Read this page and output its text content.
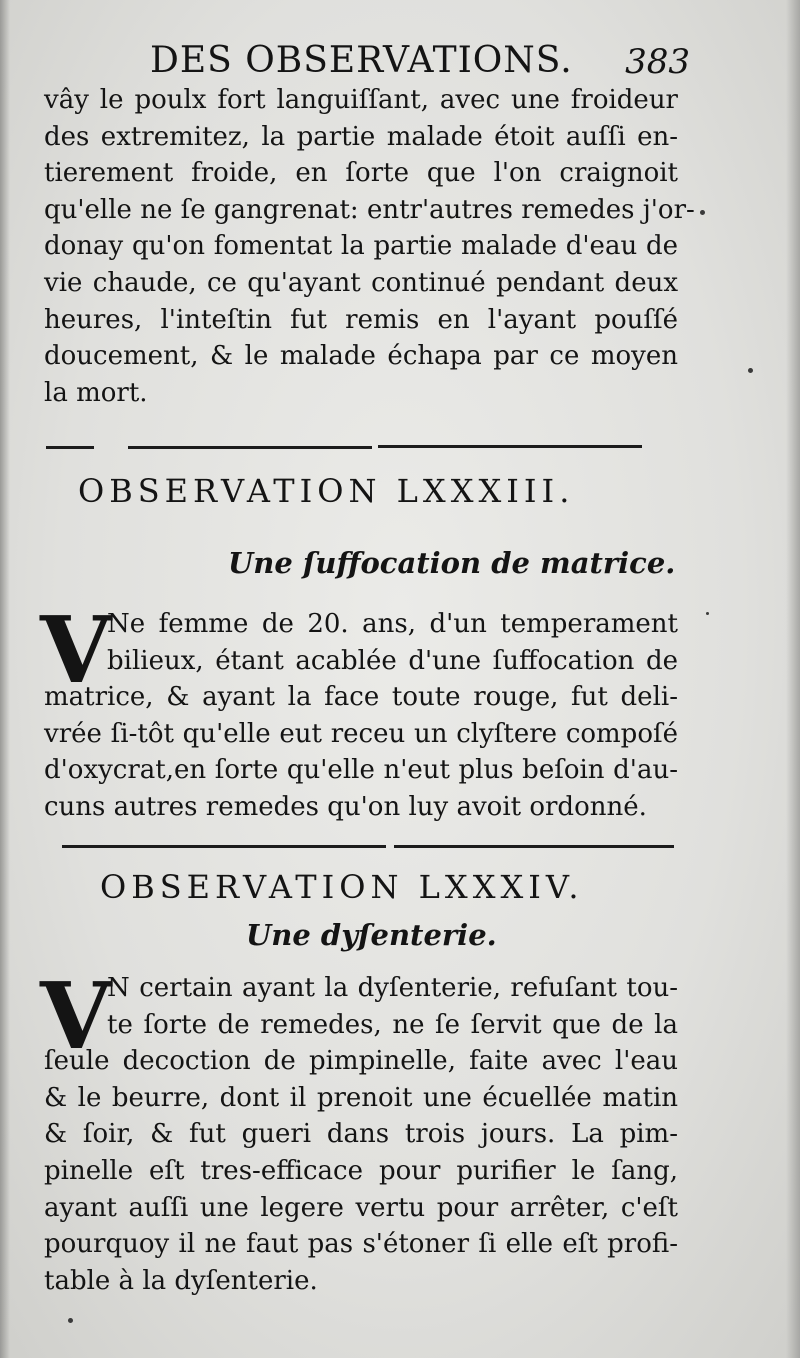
DES OBSERVATIONS. 383
vây le poulx fort languiſſant, avec une froideur
des extremitez, la partie malade étoit auſſi en-
tierement froide, en ſorte que l'on craignoit
qu'elle ne ſe gangrenat: entr'autres remedes j'or-
donay qu'on fomentat la partie malade d'eau de
vie chaude, ce qu'ayant continué pendant deux
heures, l'inteſtin fut remis en l'ayant pouſſé
doucement, & le malade échapa par ce moyen
la mort.
OBSERVATION LXXXIII.
Une ſuffocation de matrice.
V
Ne femme de 20. ans, d'un temperament
bilieux, étant acablée d'une ſuffocation de
matrice, & ayant la face toute rouge, fut deli-
vrée ſi-tôt qu'elle eut receu un clyſtere compoſé
d'oxycrat,en ſorte qu'elle n'eut plus beſoin d'au-
cuns autres remedes qu'on luy avoit ordonné.
OBSERVATION LXXXIV.
Une dyſenterie.
V
N certain ayant la dyſenterie, refuſant tou-
te ſorte de remedes, ne ſe ſervit que de la
ſeule decoction de pimpinelle, faite avec l'eau
& le beurre, dont il prenoit une écuellée matin
& ſoir, & fut gueri dans trois jours. La pim-
pinelle eſt tres-efficace pour purifier le ſang,
ayant auſſi une legere vertu pour arrêter, c'eſt
pourquoy il ne faut pas s'étoner ſi elle eſt profi-
table à la dyſenterie.
